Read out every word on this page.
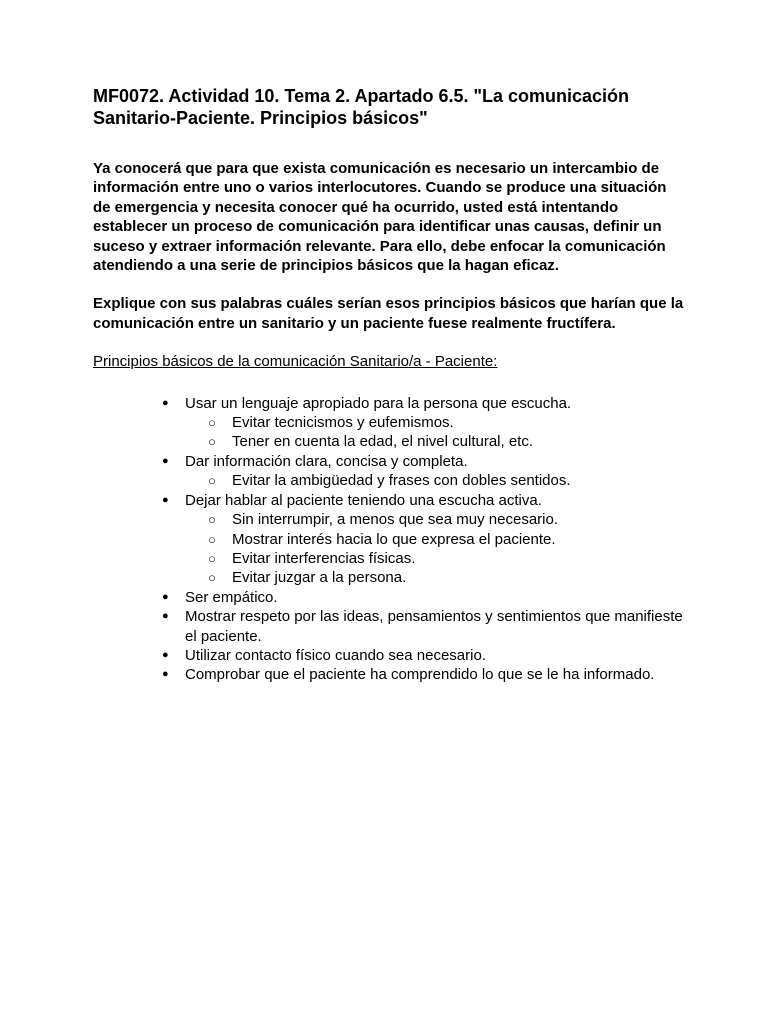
MF0072. Actividad 10. Tema 2. Apartado 6.5. "La comunicación Sanitario-Paciente. Principios básicos"

Ya conocerá que para que exista comunicación es necesario un intercambio de información entre uno o varios interlocutores. Cuando se produce una situación de emergencia y necesita conocer qué ha ocurrido, usted está intentando establecer un proceso de comunicación para identificar unas causas, definir un suceso y extraer información relevante. Para ello, debe enfocar la comunicación atendiendo a una serie de principios básicos que la hagan eficaz.

Explique con sus palabras cuáles serían esos principios básicos que harían que la comunicación entre un sanitario y un paciente fuese realmente fructífera.

Principios básicos de la comunicación Sanitario/a - Paciente:

● Usar un lenguaje apropiado para la persona que escucha.
○ Evitar tecnicismos y eufemismos.
○ Tener en cuenta la edad, el nivel cultural, etc.
● Dar información clara, concisa y completa.
○ Evitar la ambigüedad y frases con dobles sentidos.
● Dejar hablar al paciente teniendo una escucha activa.
○ Sin interrumpir, a menos que sea muy necesario.
○ Mostrar interés hacia lo que expresa el paciente.
○ Evitar interferencias físicas.
○ Evitar juzgar a la persona.
● Ser empático.
● Mostrar respeto por las ideas, pensamientos y sentimientos que manifieste el paciente.
● Utilizar contacto físico cuando sea necesario.
● Comprobar que el paciente ha comprendido lo que se le ha informado.
